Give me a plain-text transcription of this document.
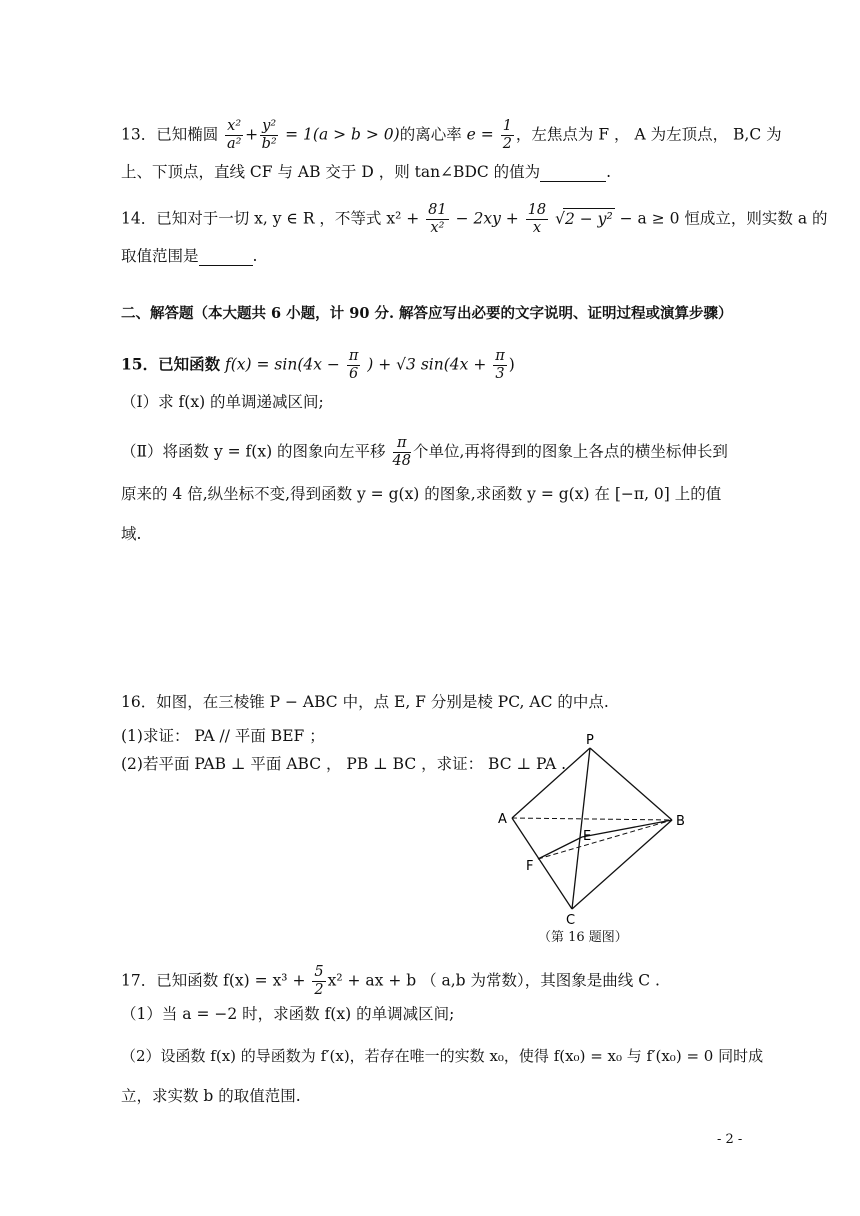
13．已知椭圆 $\frac{\text{x²}}{\text{a²}} + \frac{\text{y²}}{\text{b²}} = 1(a > b > 0)$的离心率 $e = \frac{1}{2}$ ，左焦点为 F ， A 为左顶点， B,C 为
上、下顶点，直线 CF 与 AB 交于 D ，则 tan∠BDC 的值为	.
14．已知对于一切 x, y ∈ R ，不等式 $x^2 + \frac{81}{\text{x²}} - 2xy + \frac{18}{x} √2 - y^2 - a \ge 0$ 恒成立，则实数 a 的
取值范围是	.
二、解答题（本大题共 6 小题，计 90 分. 解答应写出必要的文字说明、证明过程或演算步骤）
15．已知函数 $f(x) = \sin(4x - \frac{\pi}{6}$ ) + √3 $\sin(4x + \frac{\pi}{3}$ )
（Ⅰ）求 f(x) 的单调递减区间;
（Ⅱ）将函数 y = f(x) 的图象向左平移 $\frac{\pi}{48}$ 个单位,再将得到的图象上各点的横坐标伸长到
原来的 4 倍,纵坐标不变,得到函数 y = g(x) 的图象,求函数 y = g(x) 在 [−π, 0] 上的值
域.
16．如图，在三棱锥 P − ABC 中，点 E, F 分别是棱 PC, AC 的中点.
(1)求证： PA // 平面 BEF ；
(2)若平面 PAB ⊥ 平面 ABC ， PB ⊥ BC ，求证： BC ⊥ PA .
P
A	B
E
F
C
（第 16 题图）
17．已知函数 $f(x) = x^3 + \frac{5}{2} x^2$ + ax + b （ a,b 为常数），其图象是曲线 C .
（1）当 a = −2 时，求函数 f(x) 的单调减区间;
（2）设函数 f(x) 的导函数为 f′(x)，若存在唯一的实数 x₀，使得 f(x₀) = x₀ 与 f′(x₀) = 0 同时成
立，求实数 b 的取值范围.
- 2 -
